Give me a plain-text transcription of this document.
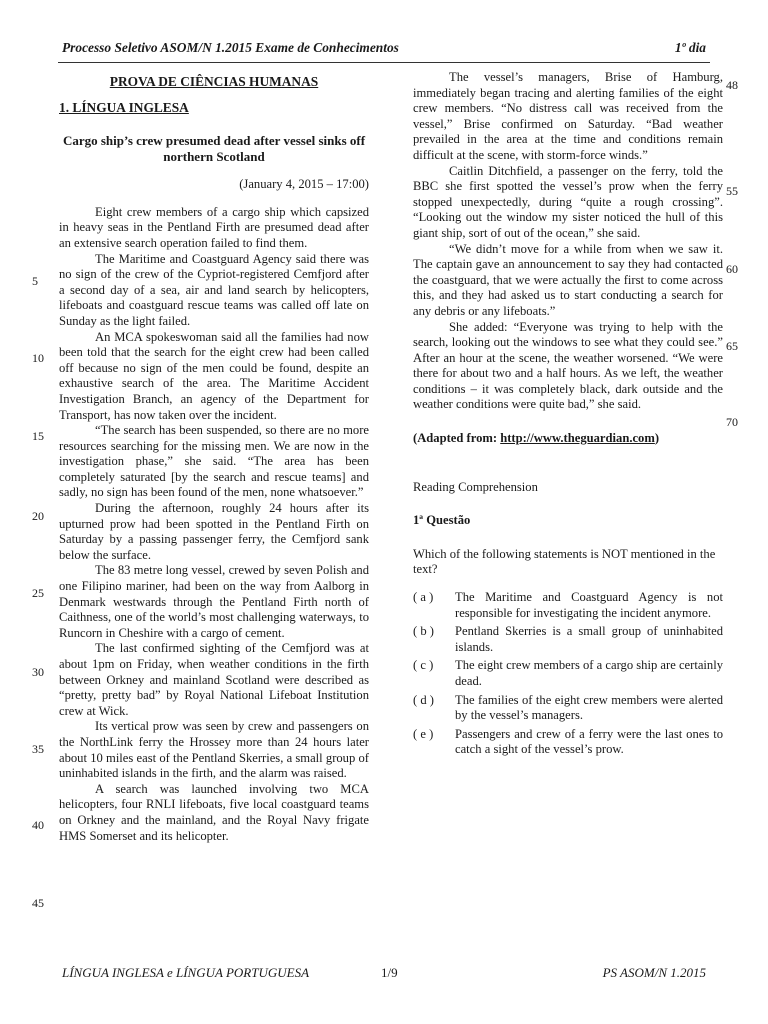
Processo Seletivo ASOM/N 1.2015 Exame de Conhecimentos	1º dia
PROVA DE CIÊNCIAS HUMANAS
1. LÍNGUA INGLESA
Cargo ship’s crew presumed dead after vessel sinks off northern Scotland
(January 4, 2015 – 17:00)

Eight crew members of a cargo ship which capsized in heavy seas in the Pentland Firth are presumed dead after an extensive search operation failed to find them.

The Maritime and Coastguard Agency said there was no sign of the crew of the Cypriot-registered Cemfjord after a second day of a sea, air and land search by helicopters, lifeboats and coastguard rescue teams was called off late on Sunday as the light failed.

An MCA spokeswoman said all the families had now been told that the search for the eight crew had been called off because no sign of the men could be found, despite an exhaustive search of the area. The Maritime Accident Investigation Branch, an agency of the Department for Transport, has now taken over the incident.

“The search has been suspended, so there are no more resources searching for the missing men. We are now in the investigation phase,” she said. “The area has been completely saturated [by the search and rescue teams] and sadly, no sign has been found of the men, none whatsoever.”

During the afternoon, roughly 24 hours after its upturned prow had been spotted in the Pentland Firth on Saturday by a passing passenger ferry, the Cemfjord sank below the surface.

The 83 metre long vessel, crewed by seven Polish and one Filipino mariner, had been on the way from Aalborg in Denmark westwards through the Pentland Firth north of Caithness, one of the world’s most challenging waterways, to Runcorn in Cheshire with a cargo of cement.

The last confirmed sighting of the Cemfjord was at about 1pm on Friday, when weather conditions in the firth between Orkney and mainland Scotland were described as “pretty, pretty bad” by Royal National Lifeboat Institution crew at Wick.

Its vertical prow was seen by crew and passengers on the NorthLink ferry the Hrossey more than 24 hours later about 10 miles east of the Pentland Skerries, a small group of uninhabited islands in the firth, and the alarm was raised.

A search was launched involving two MCA helicopters, four RNLI lifeboats, five local coastguard teams on Orkney and the mainland, and the Royal Navy frigate HMS Somerset and its helicopter.

The vessel’s managers, Brise of Hamburg, immediately began tracing and alerting families of the eight crew members. “No distress call was received from the vessel,” Brise confirmed on Saturday. “Bad weather prevailed in the area at the time and conditions remain difficult at the scene, with storm-force winds.”

Caitlin Ditchfield, a passenger on the ferry, told the BBC she first spotted the vessel’s prow when the ferry stopped unexpectedly, during “quite a rough crossing”. “Looking out the window my sister noticed the hull of this giant ship, sort of out of the ocean,” she said.

“We didn’t move for a while from when we saw it. The captain gave an announcement to say they had contacted the coastguard, that we were actually the first to come across this, and they had asked us to start conducting a search for any debris or any lifeboats.”

She added: “Everyone was trying to help with the search, looking out the windows to see what they could see.” After an hour at the scene, the weather worsened. “We were there for about two and a half hours. As we left, the weather conditions – it was completely black, dark outside and the weather conditions were quite bad,” she said.

(Adapted from: http://www.theguardian.com)
Reading Comprehension
1ª Questão
Which of the following statements is NOT mentioned in the text?
( a )	The Maritime and Coastguard Agency is not responsible for investigating the incident anymore.
( b )	Pentland Skerries is a small group of uninhabited islands.
( c )	The eight crew members of a cargo ship are certainly dead.
( d )	The families of the eight crew members were alerted by the vessel’s managers.
( e )	Passengers and crew of a ferry were the last ones to catch a sight of the vessel’s prow.
5
10
15
20
25
30
35
40
45
48
55
60
65
70
LÍNGUA INGLESA e LÍNGUA PORTUGUESA	1/9	PS ASOM/N 1.2015
